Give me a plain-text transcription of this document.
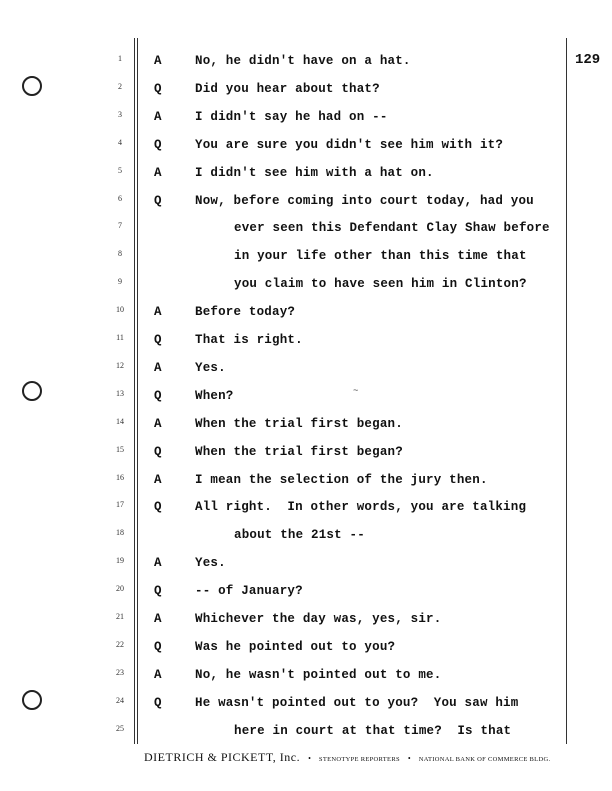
129
1	A	No, he didn't have on a hat.
2	Q	Did you hear about that?
3	A	I didn't say he had on --
4	Q	You are sure you didn't see him with it?
5	A	I didn't see him with a hat on.
6	Q	Now, before coming into court today, had you
7	ever seen this Defendant Clay Shaw before
8	in your life other than this time that
9	you claim to have seen him in Clinton?
10	A	Before today?
11	Q	That is right.
12	A	Yes.
13	Q	When?
14	A	When the trial first began.
15	Q	When the trial first began?
16	A	I mean the selection of the jury then.
17	Q	All right.  In other words, you are talking
18	about the 21st --
19	A	Yes.
20	Q	-- of January?
21	A	Whichever the day was, yes, sir.
22	Q	Was he pointed out to you?
23	A	No, he wasn't pointed out to me.
24	Q	He wasn't pointed out to you?  You saw him
25	here in court at that time?  Is that
~
DIETRICH & PICKETT, Inc. • STENOTYPE REPORTERS • NATIONAL BANK OF COMMERCE BLDG.
